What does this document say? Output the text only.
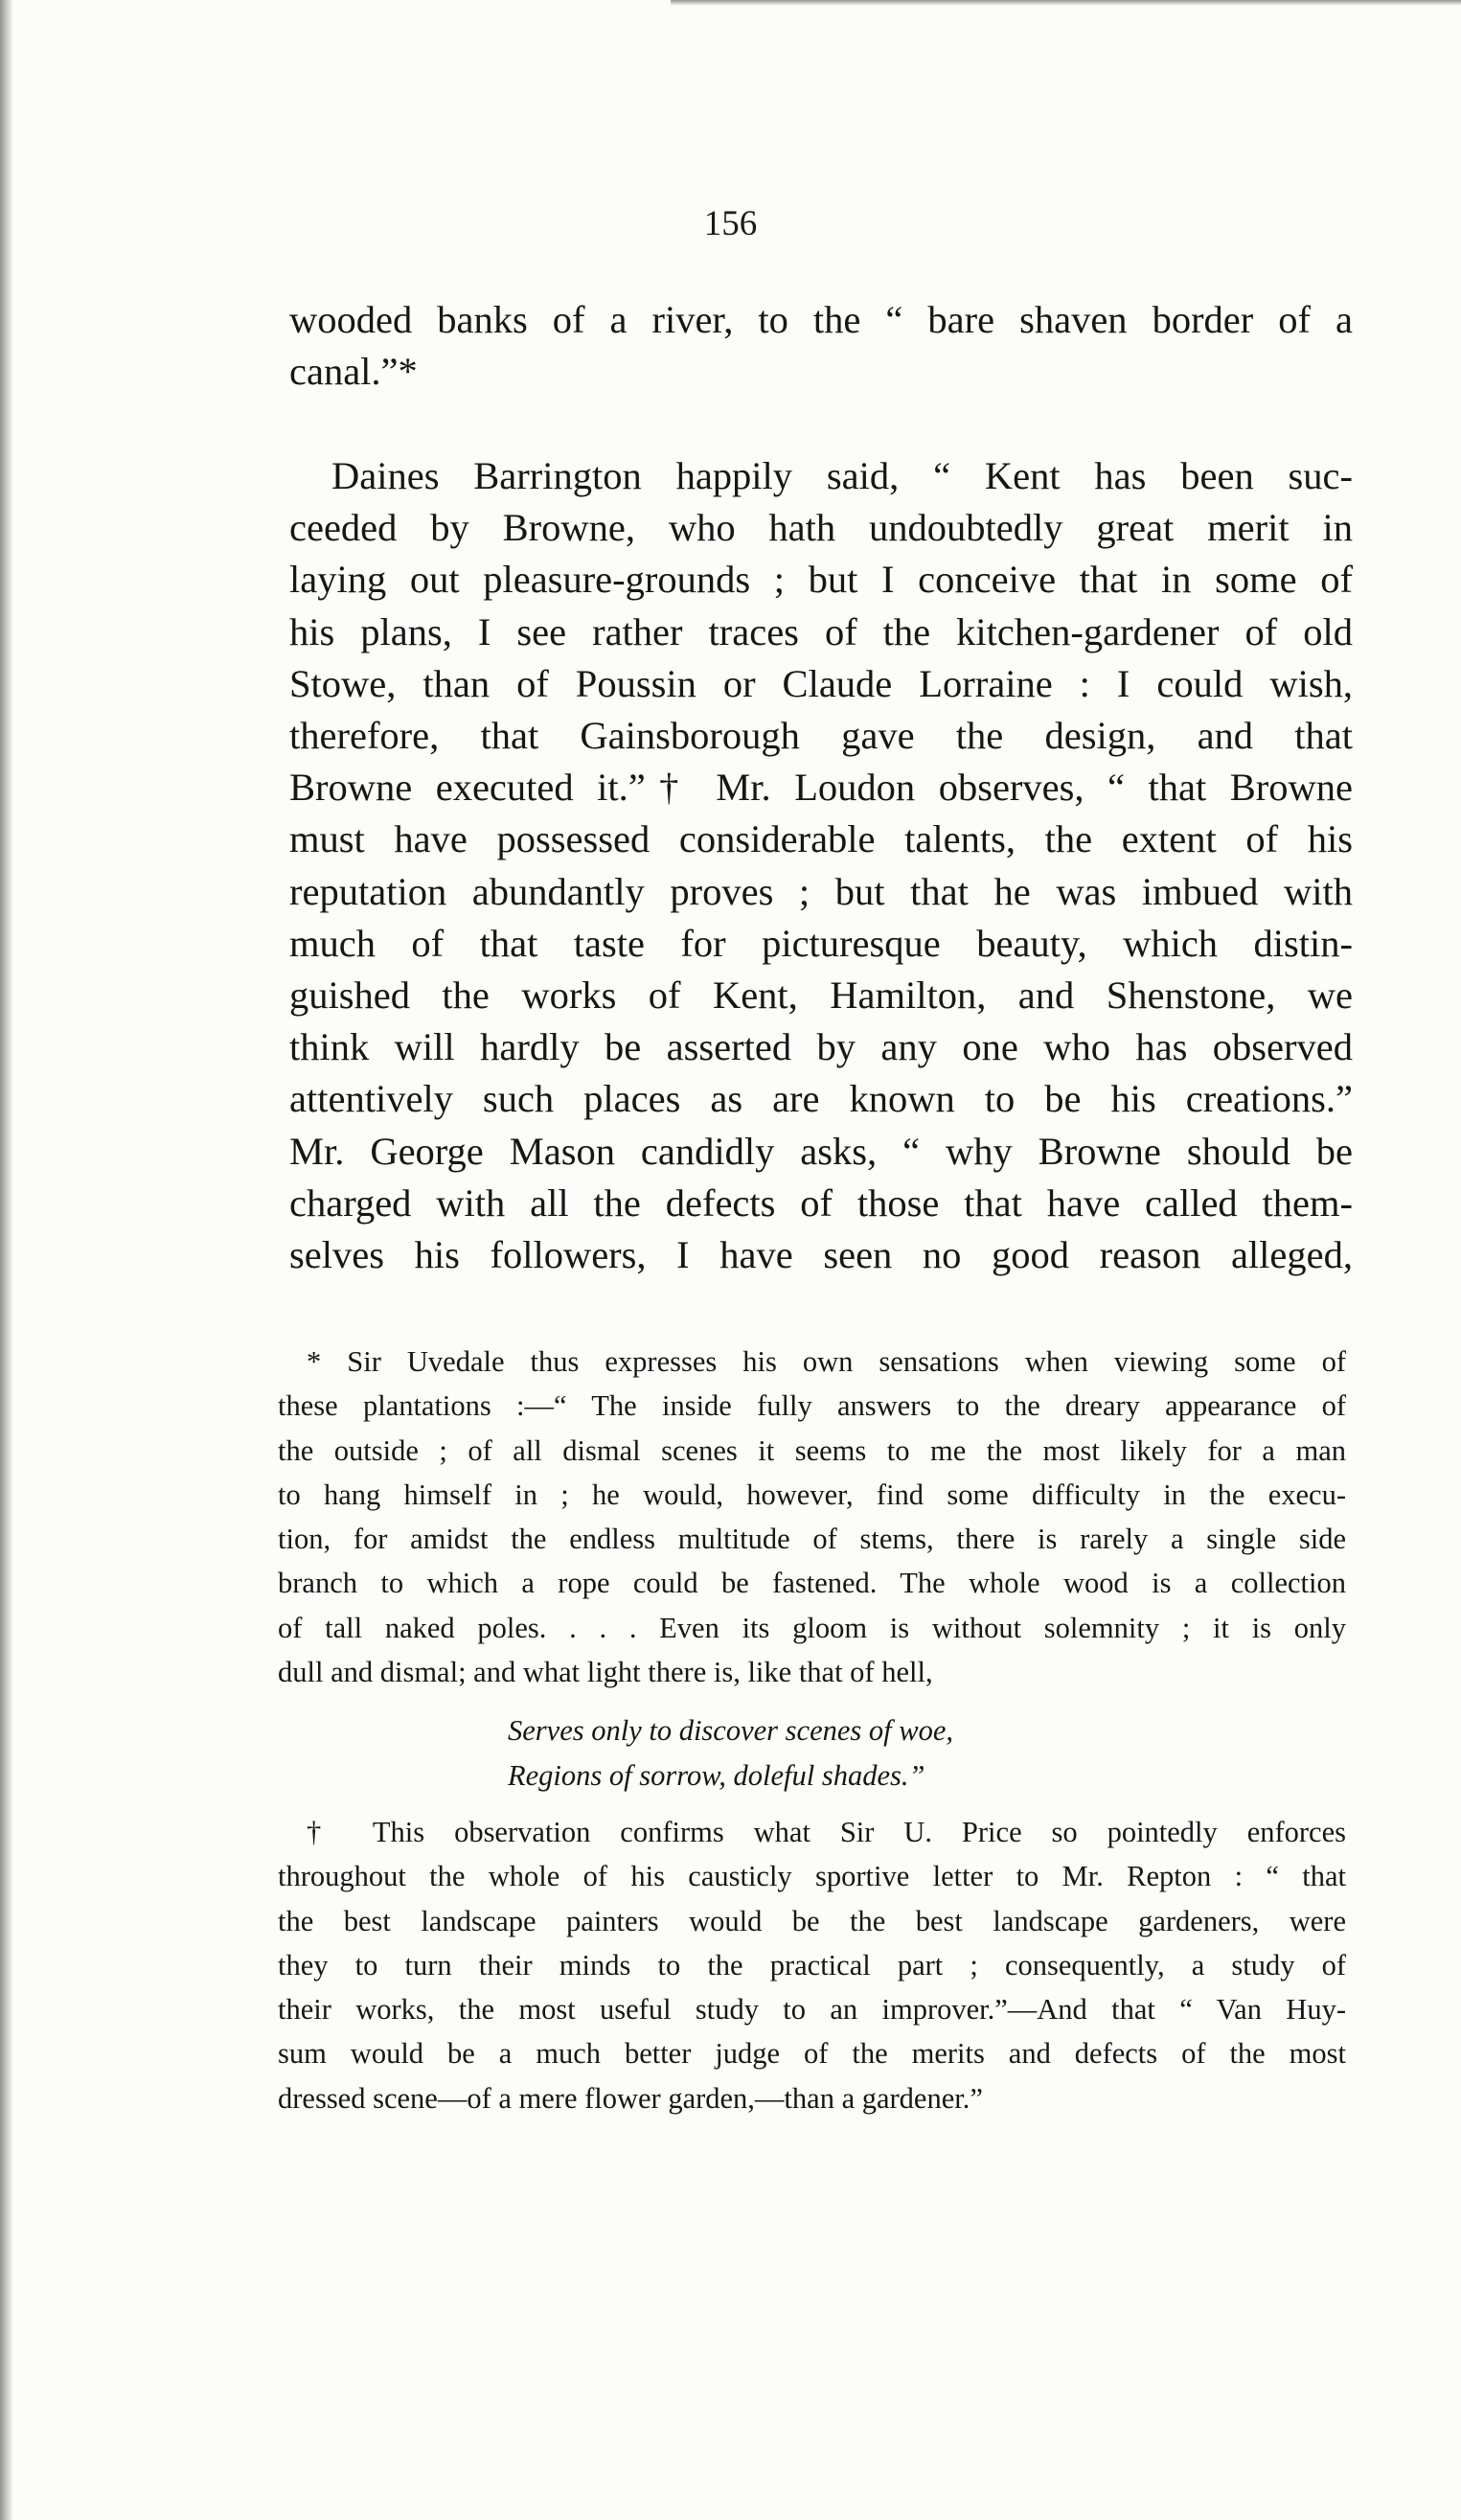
156
wooded banks of a river, to the “ bare shaven border of a
canal.”*
Daines Barrington happily said, “ Kent has been suc-
ceeded by Browne, who hath undoubtedly great merit in
laying out pleasure-grounds ; but I conceive that in some of
his plans, I see rather traces of the kitchen-gardener of old
Stowe, than of Poussin or Claude Lorraine : I could wish,
therefore, that Gainsborough gave the design, and that
Browne executed it.”† Mr. Loudon observes, “ that Browne
must have possessed considerable talents, the extent of his
reputation abundantly proves ; but that he was imbued with
much of that taste for picturesque beauty, which distin-
guished the works of Kent, Hamilton, and Shenstone, we
think will hardly be asserted by any one who has observed
attentively such places as are known to be his creations.”
Mr. George Mason candidly asks, “ why Browne should be
charged with all the defects of those that have called them-
selves his followers, I have seen no good reason alleged,
* Sir Uvedale thus expresses his own sensations when viewing some of
these plantations :—“ The inside fully answers to the dreary appearance of
the outside ; of all dismal scenes it seems to me the most likely for a man
to hang himself in ; he would, however, find some difficulty in the execu-
tion, for amidst the endless multitude of stems, there is rarely a single side
branch to which a rope could be fastened. The whole wood is a collection
of tall naked poles. . . . Even its gloom is without solemnity ; it is only
dull and dismal; and what light there is, like that of hell,
Serves only to discover scenes of woe,
Regions of sorrow, doleful shades.”
† This observation confirms what Sir U. Price so pointedly enforces
throughout the whole of his causticly sportive letter to Mr. Repton : “ that
the best landscape painters would be the best landscape gardeners, were
they to turn their minds to the practical part ; consequently, a study of
their works, the most useful study to an improver.”—And that “ Van Huy-
sum would be a much better judge of the merits and defects of the most
dressed scene—of a mere flower garden,—than a gardener.”
